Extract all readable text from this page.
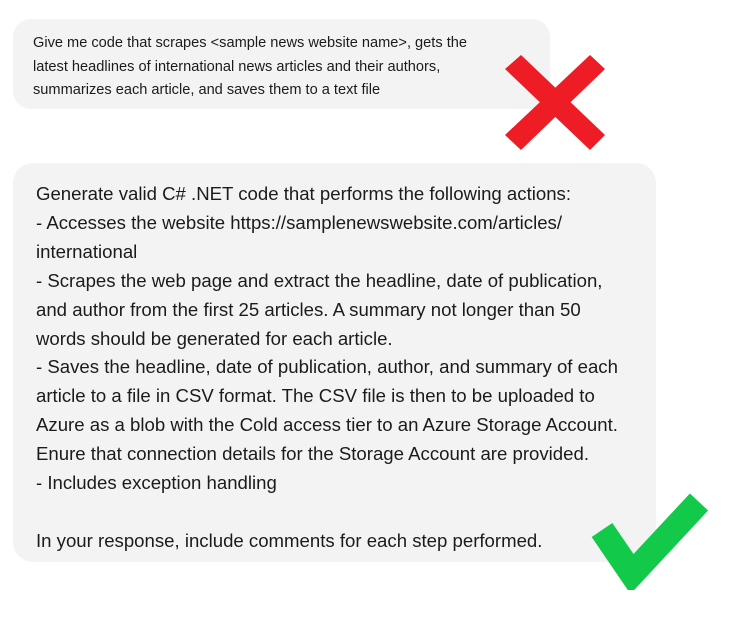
Give me code that scrapes <sample news website name>, gets the
latest headlines of international news articles and their authors,
summarizes each article, and saves them to a text file
Generate valid C# .NET code that performs the following actions:
- Accesses the website https://samplenewswebsite.com/articles/
international
- Scrapes the web page and extract the headline, date of publication,
and author from the first 25 articles. A summary not longer than 50
words should be generated for each article.
- Saves the headline, date of publication, author, and summary of each
article to a file in CSV format. The CSV file is then to be uploaded to
Azure as a blob with the Cold access tier to an Azure Storage Account.
Enure that connection details for the Storage Account are provided.
- Includes exception handling
In your response, include comments for each step performed.
